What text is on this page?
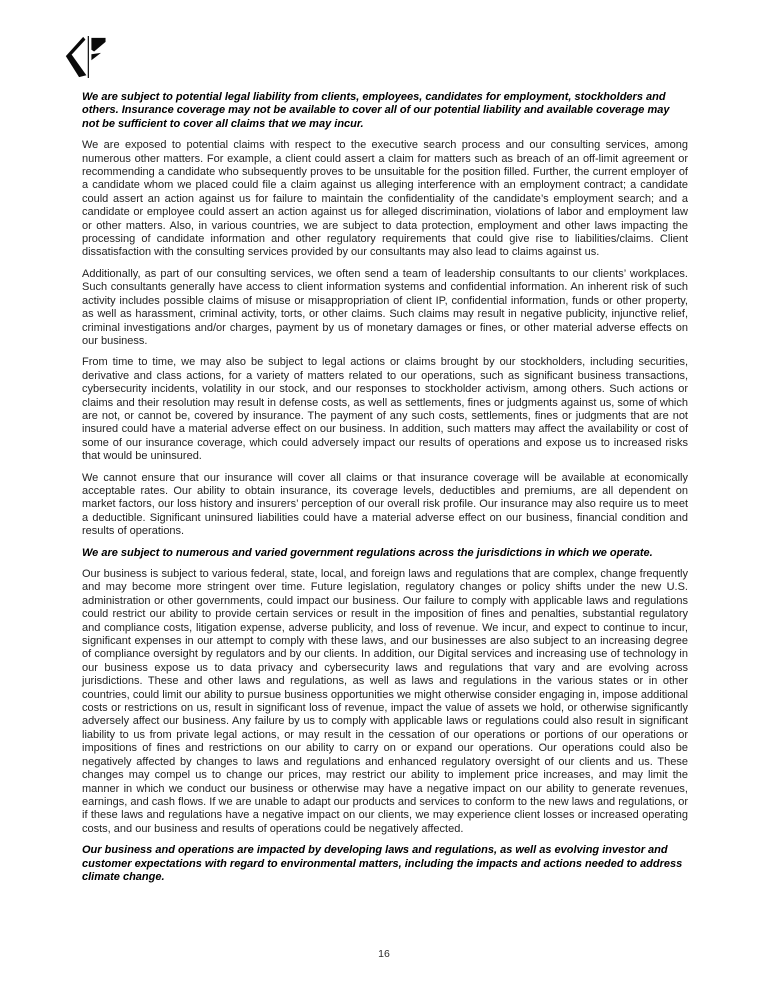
We are subject to potential legal liability from clients, employees, candidates for employment, stockholders and others. Insurance coverage may not be available to cover all of our potential liability and available coverage may not be sufficient to cover all claims that we may incur.

We are exposed to potential claims with respect to the executive search process and our consulting services, among numerous other matters. For example, a client could assert a claim for matters such as breach of an off-limit agreement or recommending a candidate who subsequently proves to be unsuitable for the position filled. Further, the current employer of a candidate whom we placed could file a claim against us alleging interference with an employment contract; a candidate could assert an action against us for failure to maintain the confidentiality of the candidate’s employment search; and a candidate or employee could assert an action against us for alleged discrimination, violations of labor and employment law or other matters. Also, in various countries, we are subject to data protection, employment and other laws impacting the processing of candidate information and other regulatory requirements that could give rise to liabilities/claims. Client dissatisfaction with the consulting services provided by our consultants may also lead to claims against us.

Additionally, as part of our consulting services, we often send a team of leadership consultants to our clients’ workplaces. Such consultants generally have access to client information systems and confidential information. An inherent risk of such activity includes possible claims of misuse or misappropriation of client IP, confidential information, funds or other property, as well as harassment, criminal activity, torts, or other claims. Such claims may result in negative publicity, injunctive relief, criminal investigations and/or charges, payment by us of monetary damages or fines, or other material adverse effects on our business.

From time to time, we may also be subject to legal actions or claims brought by our stockholders, including securities, derivative and class actions, for a variety of matters related to our operations, such as significant business transactions, cybersecurity incidents, volatility in our stock, and our responses to stockholder activism, among others. Such actions or claims and their resolution may result in defense costs, as well as settlements, fines or judgments against us, some of which are not, or cannot be, covered by insurance. The payment of any such costs, settlements, fines or judgments that are not insured could have a material adverse effect on our business. In addition, such matters may affect the availability or cost of some of our insurance coverage, which could adversely impact our results of operations and expose us to increased risks that would be uninsured.

We cannot ensure that our insurance will cover all claims or that insurance coverage will be available at economically acceptable rates. Our ability to obtain insurance, its coverage levels, deductibles and premiums, are all dependent on market factors, our loss history and insurers’ perception of our overall risk profile. Our insurance may also require us to meet a deductible. Significant uninsured liabilities could have a material adverse effect on our business, financial condition and results of operations.

We are subject to numerous and varied government regulations across the jurisdictions in which we operate.

Our business is subject to various federal, state, local, and foreign laws and regulations that are complex, change frequently and may become more stringent over time. Future legislation, regulatory changes or policy shifts under the new U.S. administration or other governments, could impact our business. Our failure to comply with applicable laws and regulations could restrict our ability to provide certain services or result in the imposition of fines and penalties, substantial regulatory and compliance costs, litigation expense, adverse publicity, and loss of revenue. We incur, and expect to continue to incur, significant expenses in our attempt to comply with these laws, and our businesses are also subject to an increasing degree of compliance oversight by regulators and by our clients. In addition, our Digital services and increasing use of technology in our business expose us to data privacy and cybersecurity laws and regulations that vary and are evolving across jurisdictions. These and other laws and regulations, as well as laws and regulations in the various states or in other countries, could limit our ability to pursue business opportunities we might otherwise consider engaging in, impose additional costs or restrictions on us, result in significant loss of revenue, impact the value of assets we hold, or otherwise significantly adversely affect our business. Any failure by us to comply with applicable laws or regulations could also result in significant liability to us from private legal actions, or may result in the cessation of our operations or portions of our operations or impositions of fines and restrictions on our ability to carry on or expand our operations. Our operations could also be negatively affected by changes to laws and regulations and enhanced regulatory oversight of our clients and us. These changes may compel us to change our prices, may restrict our ability to implement price increases, and may limit the manner in which we conduct our business or otherwise may have a negative impact on our ability to generate revenues, earnings, and cash flows. If we are unable to adapt our products and services to conform to the new laws and regulations, or if these laws and regulations have a negative impact on our clients, we may experience client losses or increased operating costs, and our business and results of operations could be negatively affected.

Our business and operations are impacted by developing laws and regulations, as well as evolving investor and customer expectations with regard to environmental matters, including the impacts and actions needed to address climate change.

16
